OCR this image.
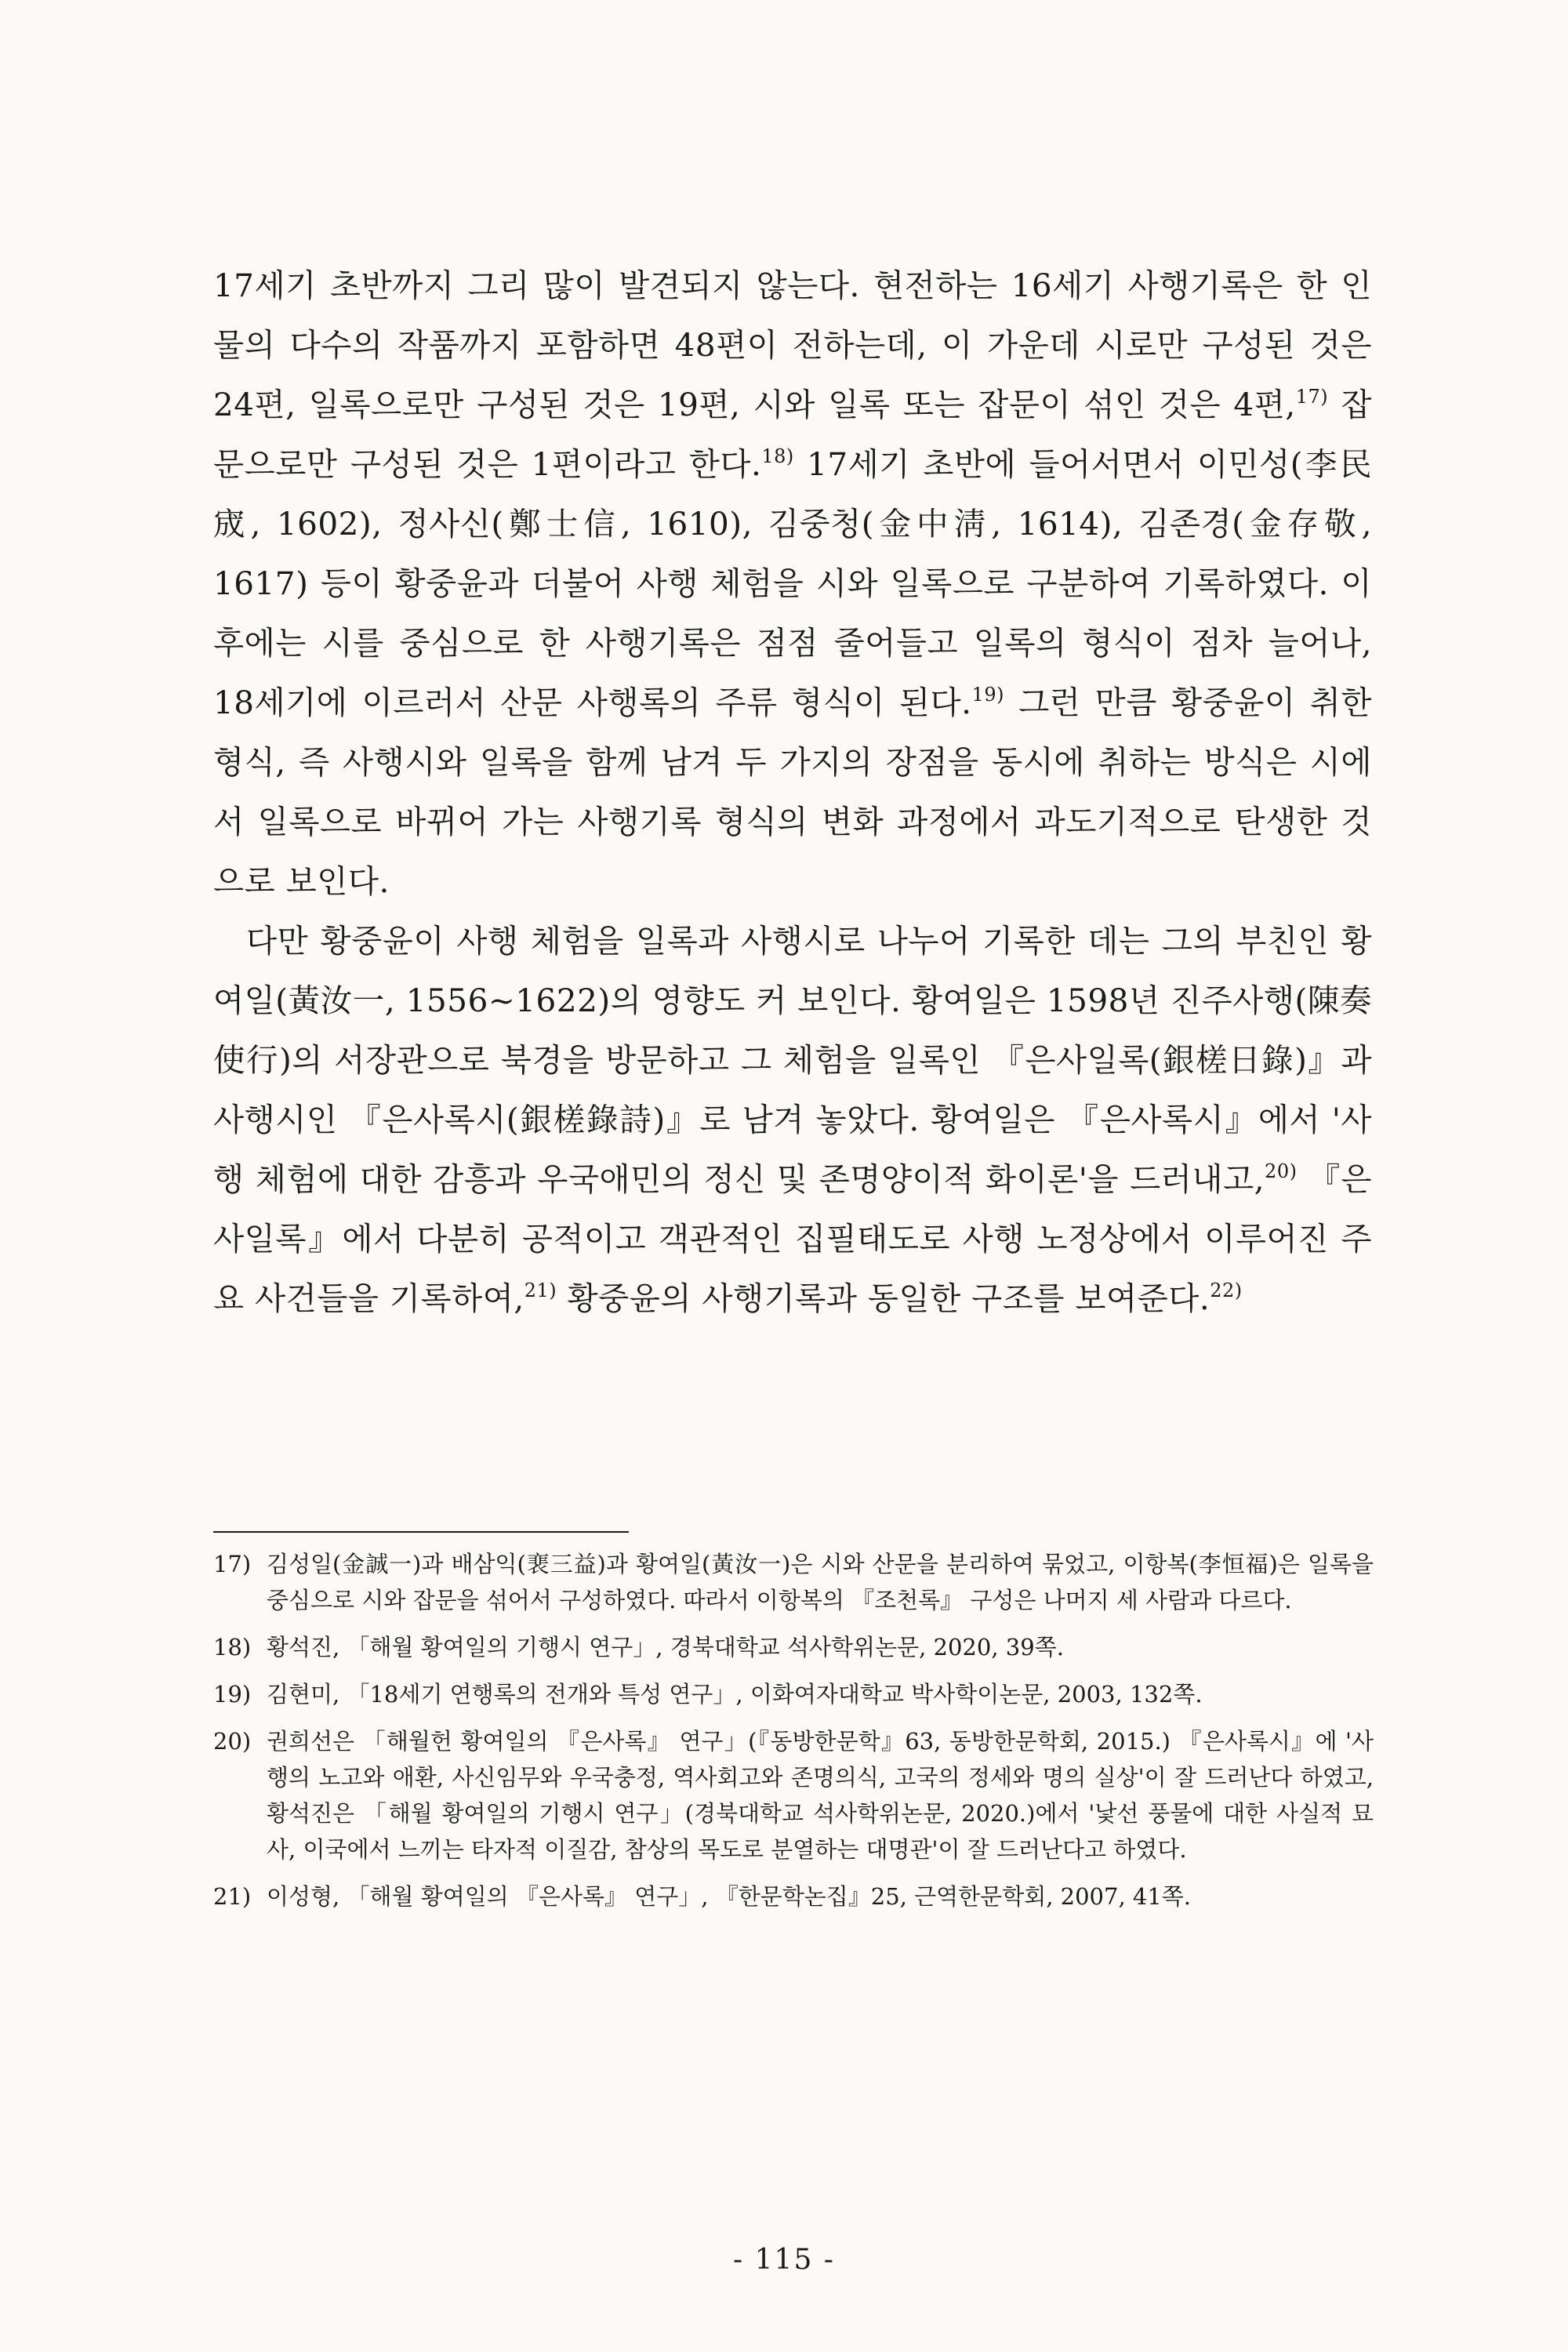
17세기 초반까지 그리 많이 발견되지 않는다. 현전하는 16세기 사행기록은 한 인물의 다수의 작품까지 포함하면 48편이 전하는데, 이 가운데 시로만 구성된 것은 24편, 일록으로만 구성된 것은 19편, 시와 일록 또는 잡문이 섞인 것은 4편,$^{17)}$ 잡문으로만 구성된 것은 1편이라고 한다.$^{18)}$ 17세기 초반에 들어서면서 이민성(李民宬, 1602), 정사신(鄭士信, 1610), 김중청(金中淸, 1614), 김존경(金存敬, 1617) 등이 황중윤과 더불어 사행 체험을 시와 일록으로 구분하여 기록하였다. 이후에는 시를 중심으로 한 사행기록은 점점 줄어들고 일록의 형식이 점차 늘어나, 18세기에 이르러서 산문 사행록의 주류 형식이 된다.$^{19)}$ 그런 만큼 황중윤이 취한 형식, 즉 사행시와 일록을 함께 남겨 두 가지의 장점을 동시에 취하는 방식은 시에서 일록으로 바뀌어 가는 사행기록 형식의 변화 과정에서 과도기적으로 탄생한 것으로 보인다.

다만 황중윤이 사행 체험을 일록과 사행시로 나누어 기록한 데는 그의 부친인 황여일(黃汝一, 1556~1622)의 영향도 커 보인다. 황여일은 1598년 진주사행(陳奏使行)의 서장관으로 북경을 방문하고 그 체험을 일록인 『은사일록(銀槎日錄)』과 사행시인 『은사록시(銀槎錄詩)』로 남겨 놓았다. 황여일은 『은사록시』에서 '사행 체험에 대한 감흥과 우국애민의 정신 및 존명양이적 화이론'을 드러내고,$^{20)}$ 『은사일록』에서 다분히 공적이고 객관적인 집필태도로 사행 노정상에서 이루어진 주요 사건들을 기록하여,$^{21)}$ 황중윤의 사행기록과 동일한 구조를 보여준다.$^{22)}$

17) 김성일(金誠一)과 배삼익(裵三益)과 황여일(黃汝一)은 시와 산문을 분리하여 묶었고, 이항복(李恒福)은 일록을 중심으로 시와 잡문을 섞어서 구성하였다. 따라서 이항복의 『조천록』 구성은 나머지 세 사람과 다르다.
18) 황석진, 「해월 황여일의 기행시 연구」, 경북대학교 석사학위논문, 2020, 39쪽.
19) 김현미, 「18세기 연행록의 전개와 특성 연구」, 이화여자대학교 박사학이논문, 2003, 132쪽.
20) 권희선은 「해월헌 황여일의 『은사록』 연구」(『동방한문학』63, 동방한문학회, 2015.) 『은사록시』에 '사행의 노고와 애환, 사신임무와 우국충정, 역사회고와 존명의식, 고국의 정세와 명의 실상'이 잘 드러난다 하였고, 황석진은 「해월 황여일의 기행시 연구」(경북대학교 석사학위논문, 2020.)에서 '낯선 풍물에 대한 사실적 묘사, 이국에서 느끼는 타자적 이질감, 참상의 목도로 분열하는 대명관'이 잘 드러난다고 하였다.
21) 이성형, 「해월 황여일의 『은사록』 연구」, 『한문학논집』25, 근역한문학회, 2007, 41쪽.
- 115 -
